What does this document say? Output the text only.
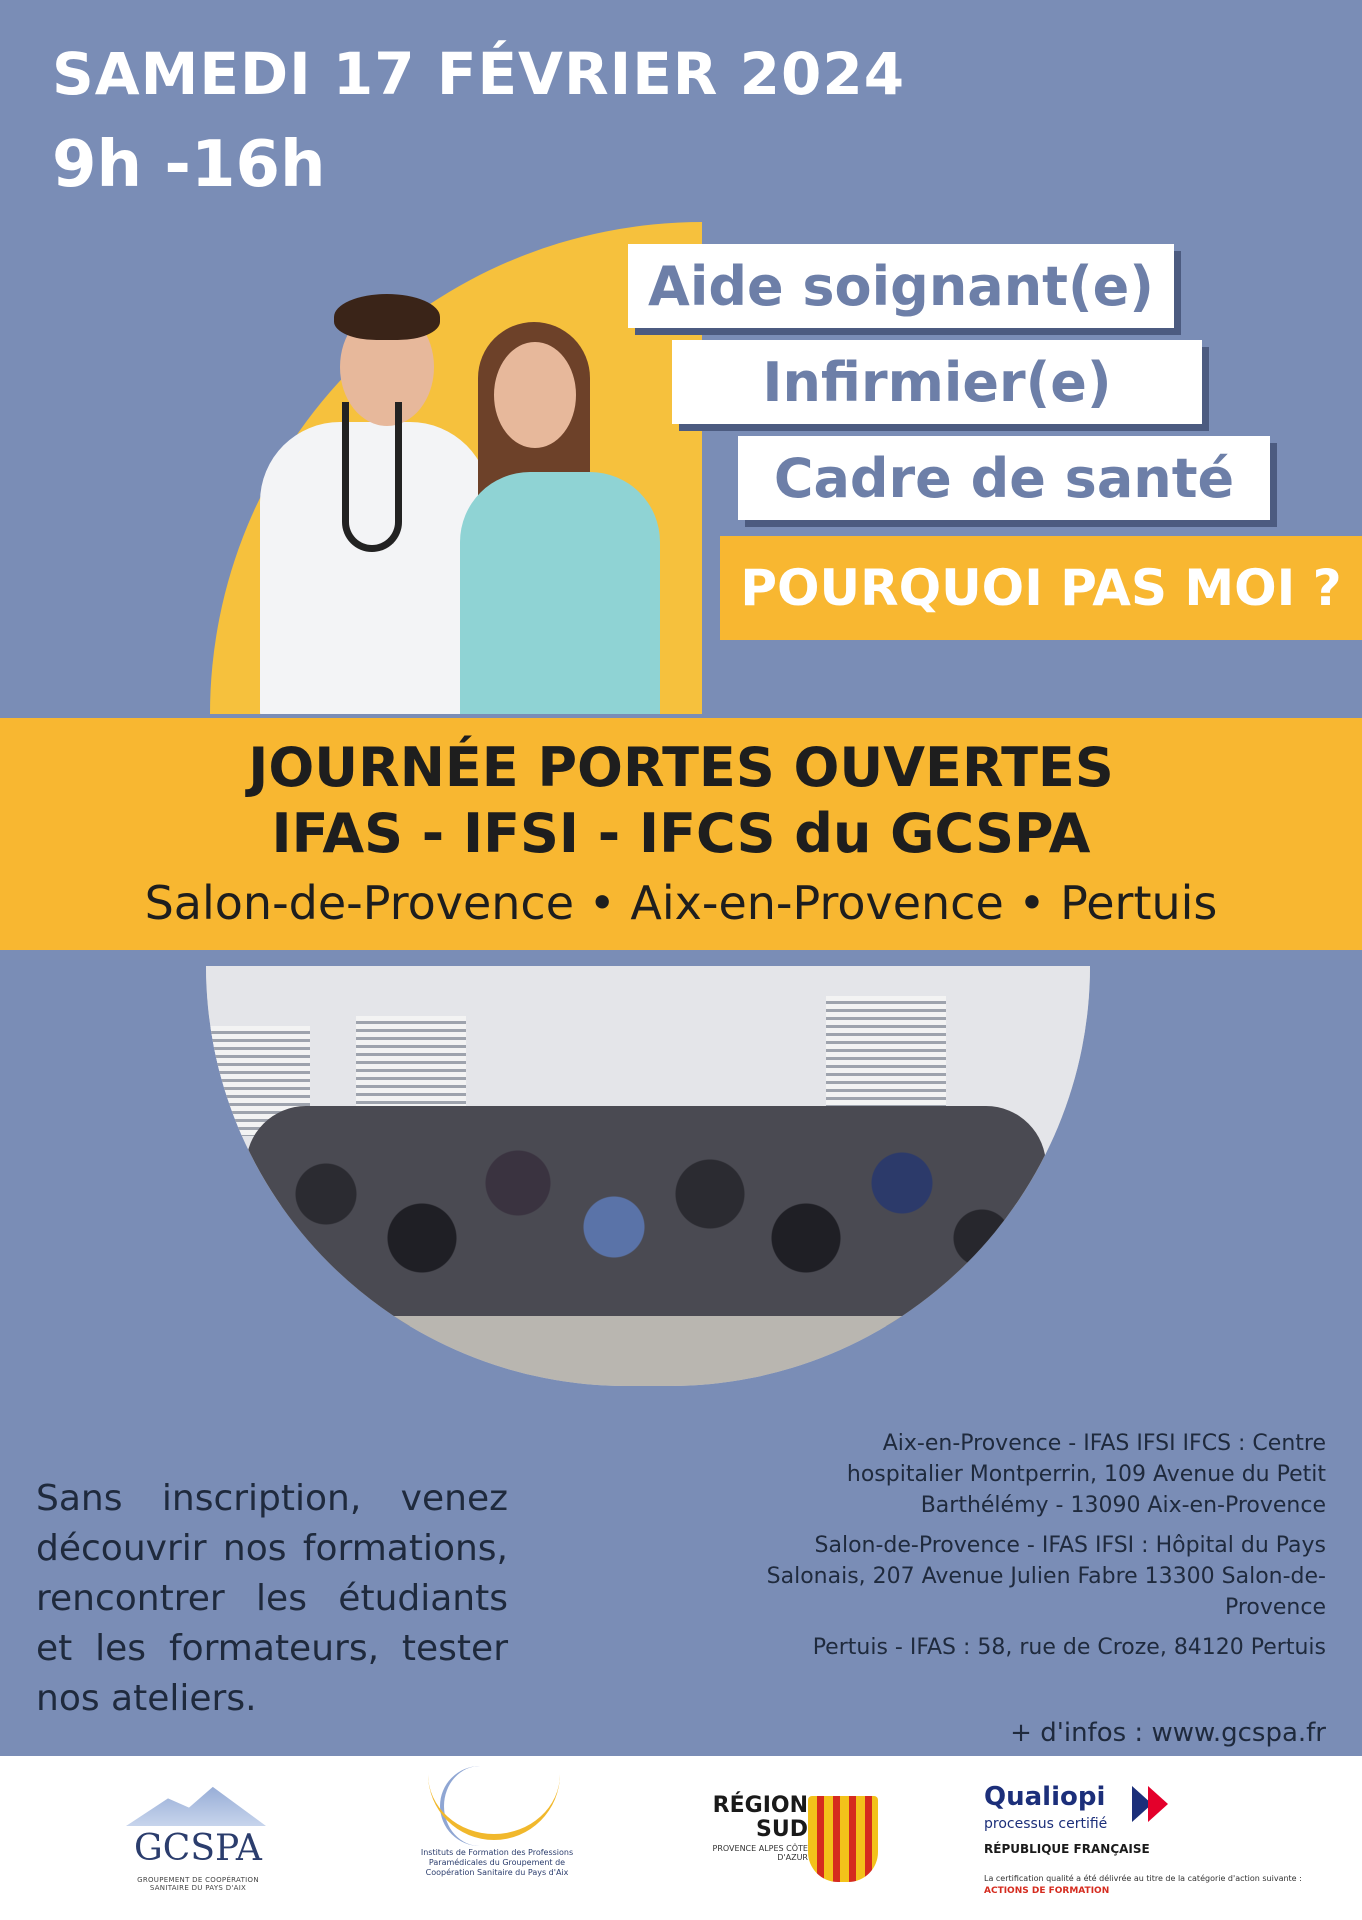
SAMEDI 17 FÉVRIER 2024
9h -16h
Aide soignant(e)
Infirmier(e)
Cadre de santé
POURQUOI PAS MOI ?
JOURNÉE PORTES OUVERTES
IFAS - IFSI - IFCS du GCSPA
Salon-de-Provence • Aix-en-Provence • Pertuis
Sans inscription, venez découvrir nos formations, rencontrer les étudiants et les formateurs, tester nos ateliers.
Aix-en-Provence - IFAS IFSI IFCS : Centre hospitalier Montperrin, 109 Avenue du Petit Barthélémy - 13090 Aix-en-Provence
Salon-de-Provence - IFAS IFSI : Hôpital du Pays Salonais, 207 Avenue Julien Fabre 13300 Salon-de-Provence
Pertuis - IFAS : 58, rue de Croze, 84120 Pertuis
+ d'infos : www.gcspa.fr
GCSPA
GROUPEMENT DE COOPÉRATION SANITAIRE DU PAYS D'AIX
Instituts de Formation des Professions Paramédicales du Groupement de Coopération Sanitaire du Pays d'Aix
RÉGION SUD
PROVENCE ALPES CÔTE D'AZUR
Qualiopi
processus certifié
RÉPUBLIQUE FRANÇAISE
La certification qualité a été délivrée au titre de la catégorie d'action suivante :
ACTIONS DE FORMATION
